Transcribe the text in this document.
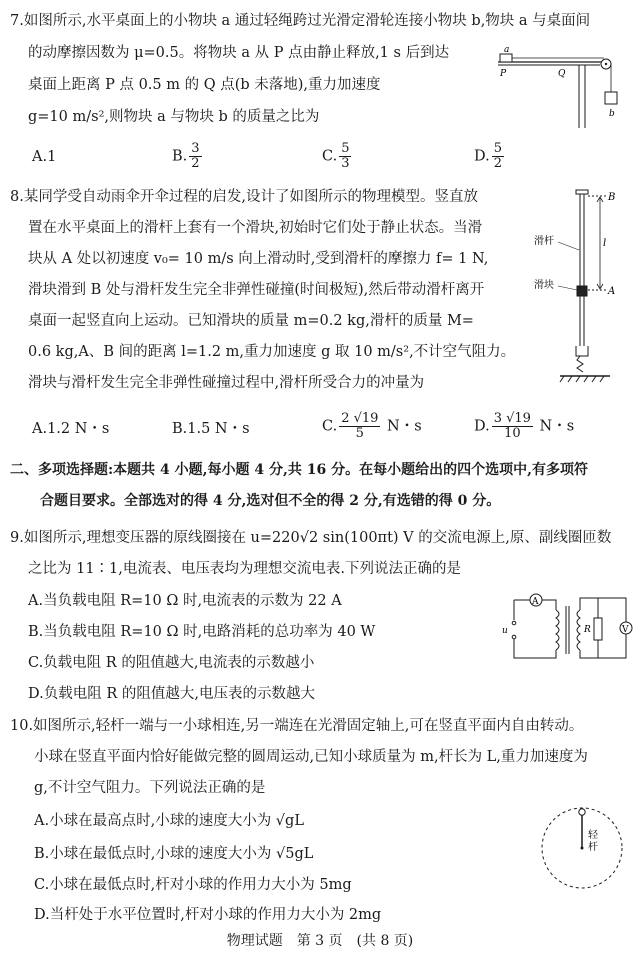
7.如图所示,水平桌面上的小物块 a 通过轻绳跨过光滑定滑轮连接小物块 b,物块 a 与桌面间
的动摩擦因数为 μ=0.5。将物块 a 从 P 点由静止释放,1 s 后到达
桌面上距离 P 点 0.5 m 的 Q 点(b 未落地),重力加速度
g=10 m/s²,则物块 a 与物块 b 的质量之比为
A.1	B. $\frac{3}{2}$	C. $\frac{5}{3}$	D. $\frac{5}{2}$
a
P	Q
b
8.某同学受自动雨伞开伞过程的启发,设计了如图所示的物理模型。竖直放
置在水平桌面上的滑杆上套有一个滑块,初始时它们处于静止状态。当滑
块从 A 处以初速度 v₀= 10 m/s 向上滑动时,受到滑杆的摩擦力 f= 1 N,
滑块滑到 B 处与滑杆发生完全非弹性碰撞(时间极短),然后带动滑杆离开
桌面一起竖直向上运动。已知滑块的质量 m=0.2 kg,滑杆的质量 M=
0.6 kg,A、B 间的距离 l=1.2 m,重力加速度 g 取 10 m/s²,不计空气阻力。
滑块与滑杆发生完全非弹性碰撞过程中,滑杆所受合力的冲量为
A.1.2 N・s	B.1.5 N・s	C. $\frac{2 √19}{5}$ N・s	D. $\frac{3 √19}{10}$ N・s
B
l
A
滑杆
滑块
二、多项选择题:本题共 4 小题,每小题 4 分,共 16 分。在每小题给出的四个选项中,有多项符
合题目要求。全部选对的得 4 分,选对但不全的得 2 分,有选错的得 0 分。
9.如图所示,理想变压器的原线圈接在 u=220√2 sin(100πt) V 的交流电源上,原、副线圈匝数
之比为 11∶1,电流表、电压表均为理想交流电表.下列说法正确的是
A.当负载电阻 R=10 Ω 时,电流表的示数为 22 A
B.当负载电阻 R=10 Ω 时,电路消耗的总功率为 40 W
C.负载电阻 R 的阻值越大,电流表的示数越小
D.负载电阻 R 的阻值越大,电压表的示数越大
A
u	R	V
10.如图所示,轻杆一端与一小球相连,另一端连在光滑固定轴上,可在竖直平面内自由转动。
小球在竖直平面内恰好能做完整的圆周运动,已知小球质量为 m,杆长为 L,重力加速度为
g,不计空气阻力。下列说法正确的是
A.小球在最高点时,小球的速度大小为 √gL
B.小球在最低点时,小球的速度大小为 √5gL
C.小球在最低点时,杆对小球的作用力大小为 5mg
D.当杆处于水平位置时,杆对小球的作用力大小为 2mg
轻
杆
物理试题　第 3 页　(共 8 页)
